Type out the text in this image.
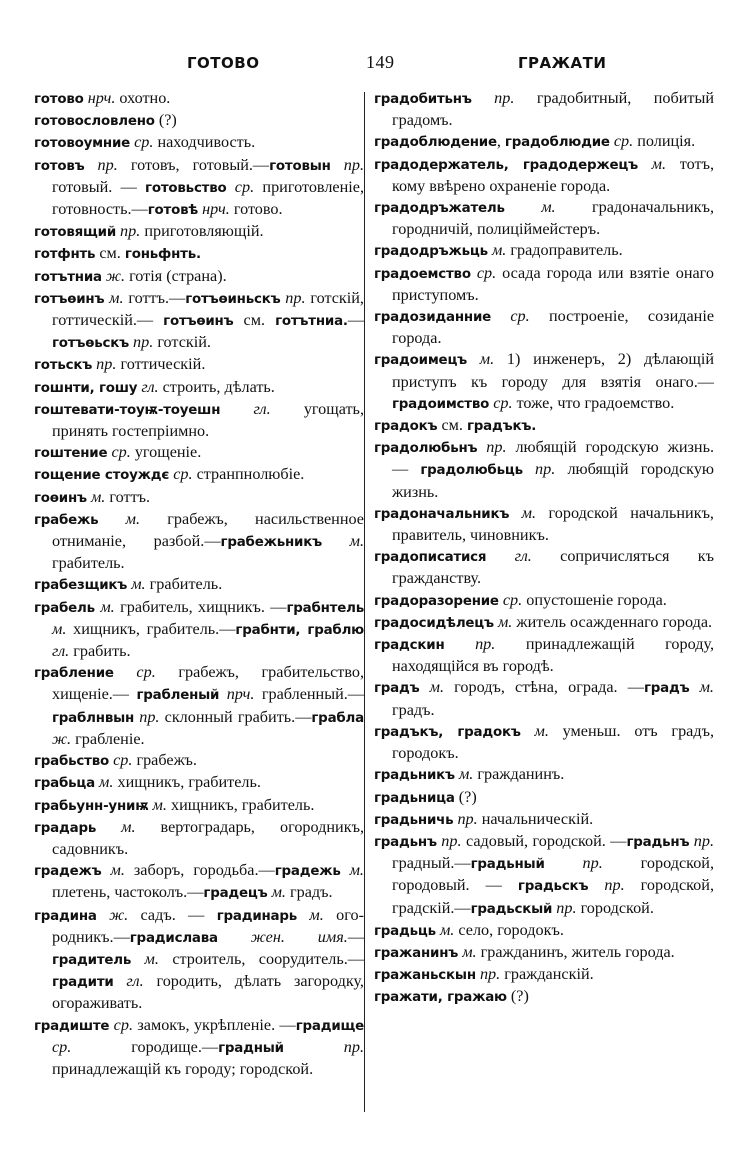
ГОТОВО	149	ГРАЖАТИ
готово нрч. охотно.
готовословлено (?)
готовоумние ср. находчивость.
готовъ пр. готовъ, готовый.—готовын пр. готовый. — готовьство ср. приготовленіе, готовность.—готовѣ нрч. готово.
готовящий пр. приготовляющій.
готфнть см. гоньфнть.
готътниа ж. готія (страна).
готъѳинъ м. готтъ.—готъѳиньскъ пр. готскій, готтическій.— готъѳинъ см. готътниа.—готъѳьскъ пр. готскій.
готьскъ пр. готтическій.
гошнти, гошу гл. строить, дѣлать.
гоштевати-тоуѭ-тоуешн гл. угощать, принять гостепріимно.
гоштение ср. угощеніе.
гощение стоуждє ср. странпнолюбіе.
гоѳинъ м. готтъ.
грабежь м. грабежъ, насильственное отниманіе, разбой.—грабежьникъ м. грабитель.
грабезщикъ м. грабитель.
грабель м. грабитель, хищникъ. —грабнтель м. хищникъ, грабитель.—грабнти, граблю гл. грабить.
грабление ср. грабежъ, грабительство, хищеніе.— грабленый прч. грабленный.—граблнвын пр. склонный грабить.—грабла ж. грабленіе.
грабьство ср. грабежъ.
грабьца м. хищникъ, грабитель.
грабьунн-униѭ м. хищникъ, грабитель.
градарь м. вертоградарь, огородникъ, садовникъ.
градежъ м. заборъ, городьба.—градежь м. плетень, частоколъ.—градецъ м. градъ.
градина ж. садъ. — градинарь м. огородникъ.—градислава жен. имя.—градитель м. строитель, соорудитель.—градити гл. городить, дѣлать загородку, огораживать.
градиште ср. замокъ, укрѣпленіе. —градище ср. городище.—градный пр. принадлежащій къ городу; городской.
градобитьнъ пр. градобитный, побитый градомъ.
градоблюдение, градоблюдие ср. полиція.
градодержатель, градодержецъ м. тотъ, кому ввѣрено охраненіе города.
градодръжатель м. градоначальникъ, городничій, полиціймейстеръ.
градодръжьць м. градоправитель.
градоемство ср. осада города или взятіе онаго приступомъ.
градозиданние ср. построеніе, созиданіе города.
градоимецъ м. 1) инженеръ, 2) дѣлающій приступъ къ городу для взятія онаго.—градоимство ср. тоже, что градоемство.
градокъ см. градъкъ.
градолюбьнъ пр. любящій городскую жизнь. — градолюбьць пр. любящій городскую жизнь.
градоначальникъ м. городской начальникъ, правитель, чиновникъ.
градописатися гл. сопричисляться къ гражданству.
градоразорение ср. опустошеніе города.
градосидѣлецъ м. житель осажденнаго города.
градскин пр. принадлежащій городу, находящійся въ городѣ.
градъ м. городъ, стѣна, ограда. —градъ м. градъ.
градъкъ, градокъ м. уменьш. отъ градъ, городокъ.
градьникъ м. гражданинъ.
градьница (?)
градьничь пр. начальническій.
градьнъ пр. садовый, городской. —градьнъ пр. градный.—градьный пр. городской, городовый. — градьскъ пр. городской, градскій.—градьскый пр. городской.
градьць м. село, городокъ.
гражанинъ м. гражданинъ, житель города.
гражаньскын пр. гражданскій.
гражати, гражаю (?)
